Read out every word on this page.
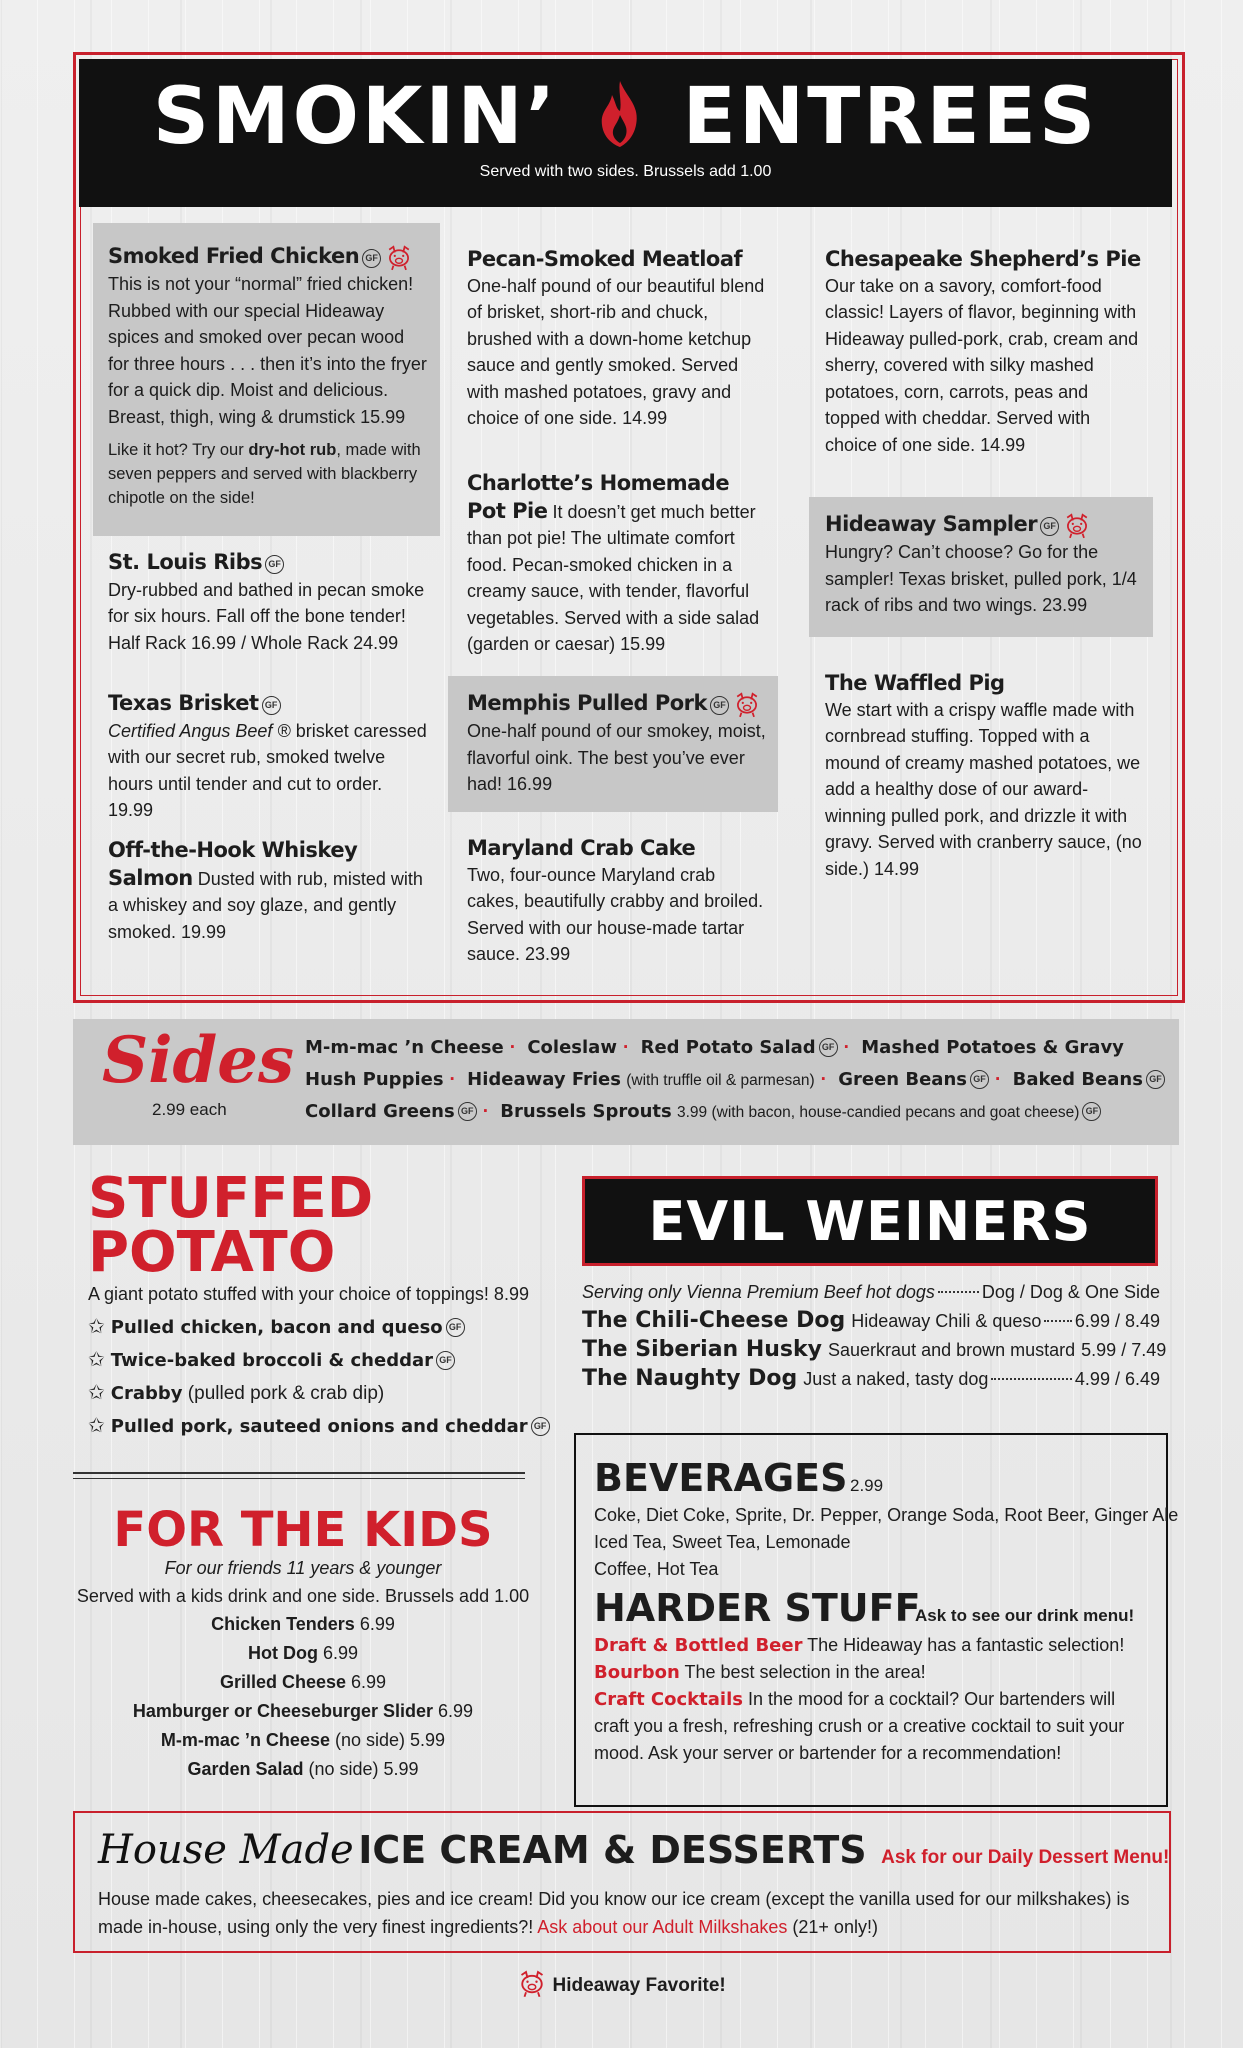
SMOKIN’ ENTREES
Served with two sides. Brussels add 1.00
Smoked Fried Chicken GF
This is not your “normal” fried chicken! Rubbed with our special Hideaway spices and smoked over pecan wood for three hours . . . then it’s into the fryer for a quick dip. Moist and delicious. Breast, thigh, wing & drumstick 15.99
Like it hot? Try our dry-hot rub, made with seven peppers and served with blackberry chipotle on the side!
St. Louis Ribs GF
Dry-rubbed and bathed in pecan smoke for six hours. Fall off the bone tender! Half Rack 16.99 / Whole Rack 24.99
Texas Brisket GF
Certified Angus Beef ® brisket caressed with our secret rub, smoked twelve hours until tender and cut to order. 19.99
Off-the-Hook Whiskey Salmon Dusted with rub, misted with a whiskey and soy glaze, and gently smoked. 19.99
Pecan-Smoked Meatloaf
One-half pound of our beautiful blend of brisket, short-rib and chuck, brushed with a down-home ketchup sauce and gently smoked. Served with mashed potatoes, gravy and choice of one side. 14.99
Charlotte’s Homemade Pot Pie It doesn’t get much better than pot pie! The ultimate comfort food. Pecan-smoked chicken in a creamy sauce, with tender, flavorful vegetables. Served with a side salad (garden or caesar) 15.99
Memphis Pulled Pork GF
One-half pound of our smokey, moist, flavorful oink. The best you’ve ever had! 16.99
Maryland Crab Cake
Two, four-ounce Maryland crab cakes, beautifully crabby and broiled. Served with our house-made tartar sauce. 23.99
Chesapeake Shepherd’s Pie
Our take on a savory, comfort-food classic! Layers of flavor, beginning with Hideaway pulled-pork, crab, cream and sherry, covered with silky mashed potatoes, corn, carrots, peas and topped with cheddar. Served with choice of one side. 14.99
Hideaway Sampler GF
Hungry? Can’t choose? Go for the sampler! Texas brisket, pulled pork, 1/4 rack of ribs and two wings. 23.99
The Waffled Pig
We start with a crispy waffle made with cornbread stuffing. Topped with a mound of creamy mashed potatoes, we add a healthy dose of our award-winning pulled pork, and drizzle it with gravy. Served with cranberry sauce, (no side.) 14.99
Sides
2.99 each
M-m-mac ’n Cheese · Coleslaw · Red Potato Salad GF · Mashed Potatoes & Gravy
Hush Puppies · Hideaway Fries (with truffle oil & parmesan) · Green Beans GF · Baked Beans GF
Collard Greens GF · Brussels Sprouts 3.99 (with bacon, house-candied pecans and goat cheese) GF
STUFFED
POTATO
A giant potato stuffed with your choice of toppings! 8.99
✩ Pulled chicken, bacon and queso GF
✩ Twice-baked broccoli & cheddar GF
✩ Crabby (pulled pork & crab dip)
✩ Pulled pork, sauteed onions and cheddar GF
FOR THE KIDS
For our friends 11 years & younger
Served with a kids drink and one side. Brussels add 1.00
Chicken Tenders 6.99
Hot Dog 6.99
Grilled Cheese 6.99
Hamburger or Cheeseburger Slider 6.99
M-m-mac ’n Cheese (no side) 5.99
Garden Salad (no side) 5.99
EVIL WEINERS
Serving only Vienna Premium Beef hot dogs	Dog / Dog & One Side
The Chili-Cheese Dog Hideaway Chili & queso 6.99 / 8.49
The Siberian Husky Sauerkraut and brown mustard 5.99 / 7.49
The Naughty Dog Just a naked, tasty dog	4.99 / 6.49
BEVERAGES 2.99
Coke, Diet Coke, Sprite, Dr. Pepper, Orange Soda, Root Beer, Ginger Ale
Iced Tea, Sweet Tea, Lemonade
Coffee, Hot Tea
HARDER STUFF
Ask to see our drink menu!
Draft & Bottled Beer The Hideaway has a fantastic selection!
Bourbon The best selection in the area!
Craft Cocktails In the mood for a cocktail? Our bartenders will craft you a fresh, refreshing crush or a creative cocktail to suit your mood. Ask your server or bartender for a recommendation!
House Made ICE CREAM & DESSERTS Ask for our Daily Dessert Menu!
House made cakes, cheesecakes, pies and ice cream! Did you know our ice cream (except the vanilla used for our milkshakes) is made in-house, using only the very finest ingredients?! Ask about our Adult Milkshakes (21+ only!)
Hideaway Favorite!
